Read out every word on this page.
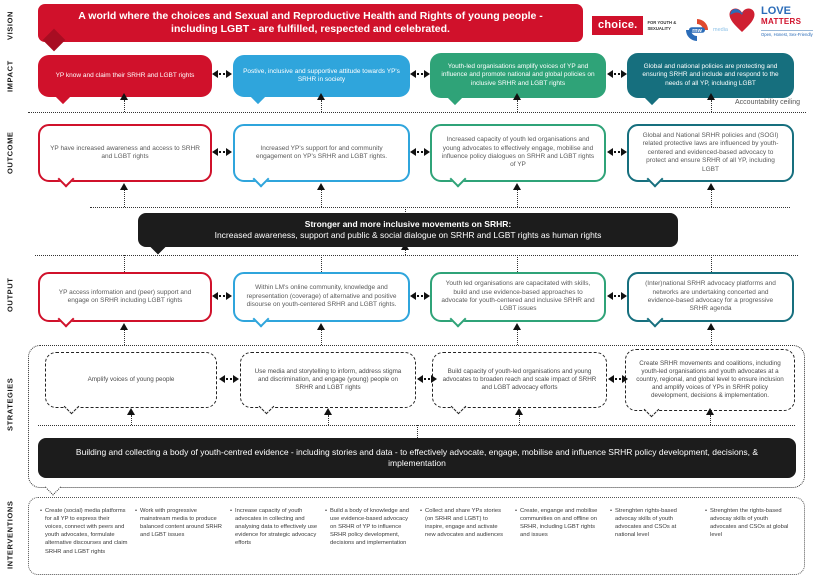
VISION
IMPACT
OUTCOME
OUTPUT
STRATEGIES
INTERVENTIONS
A world where the choices and Sexual and Reproductive Health and Rights of young people - including LGBT - are fulfilled, respected and celebrated.	choice.	FOR YOUTH & SEXUALITY	rnw media
LOVE
MATTERS
Open, Honest, Sex-Friendly
YP know and claim their SRHR and LGBT rights
Postive, inclusive and supportive attitude towards YP's SRHR in society
Youth-led organisations amplify voices of YP and influence and promote national and global policies on inclusive SRHR and LGBT rights
Global and national policies are protecting and ensuring SRHR and include and respond to the needs of all YP, including LGBT
Accountability ceiling
YP have increased awareness and access to SRHR and LGBT rights
Increased YP's support for and community engagement on YP's SRHR and LGBT rights.
Increased capacity of youth led organisations and young advocates to effectively engage, mobilise and influence policy dialogues on SRHR and LGBT rights of YP
Global and National SRHR policies and (SOGI) related protective laws are influenced by youth-centered and evidenced-based advocacy to protect and ensure SRHR of all YP, including LGBT
Stronger and more inclusive movements on SRHR:
Increased awareness, support and public & social dialogue on SRHR and LGBT rights as human rights
YP access information and (peer) support and engage on SRHR including LGBT rights
Within LM's online community, knowledge and representation (coverage) of alternative and positive disourse on youth-centered SRHR and LGBT rights.
Youth led organisations are capacitated with skills, build and use evidence-based approaches to advocate for youth-centered and inclusive SRHR and LGBT issues
(Inter)national SRHR advocacy platforms and networks are undertaking concerted and evidence-based advocacy for a progressive SRHR agenda
Amplify voices of young people
Use media and storytelling to inform, address stigma and discrimination, and engage (young) people on SRHR and LGBT rights
Build capacity of youth-led organisations and young advocates to broaden reach and scale impact of SRHR and LGBT advocacy efforts
Create SRHR movements and coalitions, including youth-led organisations and youth advocates at a country, regional, and global level to ensure inclusion and amplify voices of YPs in SRHR policy development, decisions & implementation.
Building and collecting a body of youth-centred evidence - including stories and data - to effectively advocate, engage, mobilise and influence SRHR policy development, decisions, & implementation
•
Create (social) media platforms for all YP to express their voices, connect with peers and youth advocates, formulate alternative discourses and claim SRHR and LGBT rights
•
Work with progressive mainstream media to produce balanced content around SRHR and LGBT issues
•
Increase capacity of youth advocates in collecting and analysing data to effectively use evidence for strategic advocacy efforts
•
Build a body of knowledge and use evidence-based advocacy on SRHR of YP to influence SRHR policy development, decisions and implementation
•
Collect and share YPs stories (on SRHR and LGBT) to inspire, engage and activate new advocates and audiences
•
Create, engange and mobilise communities on and offline on SRHR, including LGBT rights and issues
•
Strenghten rights-based advocay skills of youth advocates and CSOs at national level
•
Strenghten the rights-based advocay skills of youth advocates and CSOs at global level
